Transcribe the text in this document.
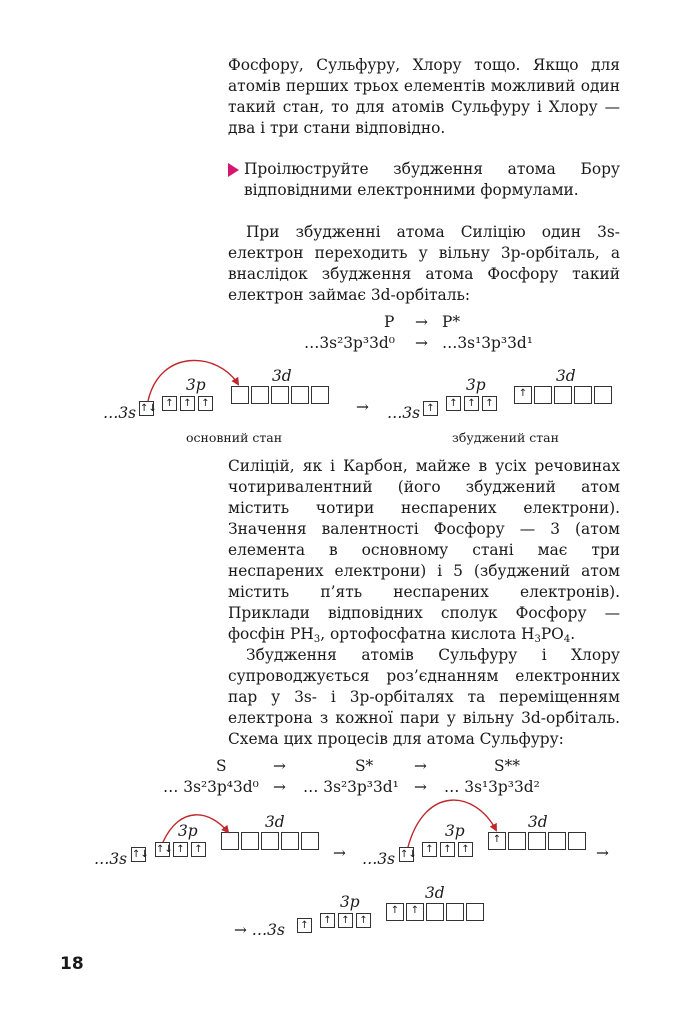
Фосфору, Сульфуру, Хлору тощо. Якщо для атомів перших трьох елементів можливий один такий стан, то для атомів Сульфуру і Хлору — два і три стани відповідно.

Проілюструйте збудження атома Бору відповідними електронними формулами.

При збудженні атома Силіцію один 3s-електрон переходить у вільну 3p-орбіталь, а внаслідок збудження атома Фосфору такий електрон займає 3d-орбіталь:

P → P*
…3s²3p³3d⁰ → …3s¹3p³3d¹
…3s
3p	3d
↑↓ ↑ ↑ ↑
основний стан
→ …3s
3p	3d
↑	↑ ↑ ↑
↑
збуджений стан

Силіцій, як і Карбон, майже в усіх речовинах чотиривалентний (його збуджений атом містить чотири неспарених електрони). Значення валентності Фосфору — 3 (атом елемента в основному стані має три неспарених електрони) і 5 (збуджений атом містить п’ять неспарених електронів). Приклади відповідних сполук Фосфору — фосфін $PH_3$, ортофосфатна кислота $H_3PO_4$.

Збудження атомів Сульфуру і Хлору супроводжується роз’єднанням електронних пар у 3s- і 3p-орбіталях та переміщенням електрона з кожної пари у вільну 3d-орбіталь. Схема цих процесів для атома Сульфуру:

S	→	S*	→	S**
… 3s²3p⁴3d⁰ → … 3s²3p³3d¹ → … 3s¹3p³3d²
…3s
3p	3d
↑↓ ↑↓ ↑ ↑	→ …3s
3p	3d
↑↓ ↑ ↑ ↑
↑
→
→ …3s
3p	3d
↑	↑ ↑ ↑
↑	↑
18
